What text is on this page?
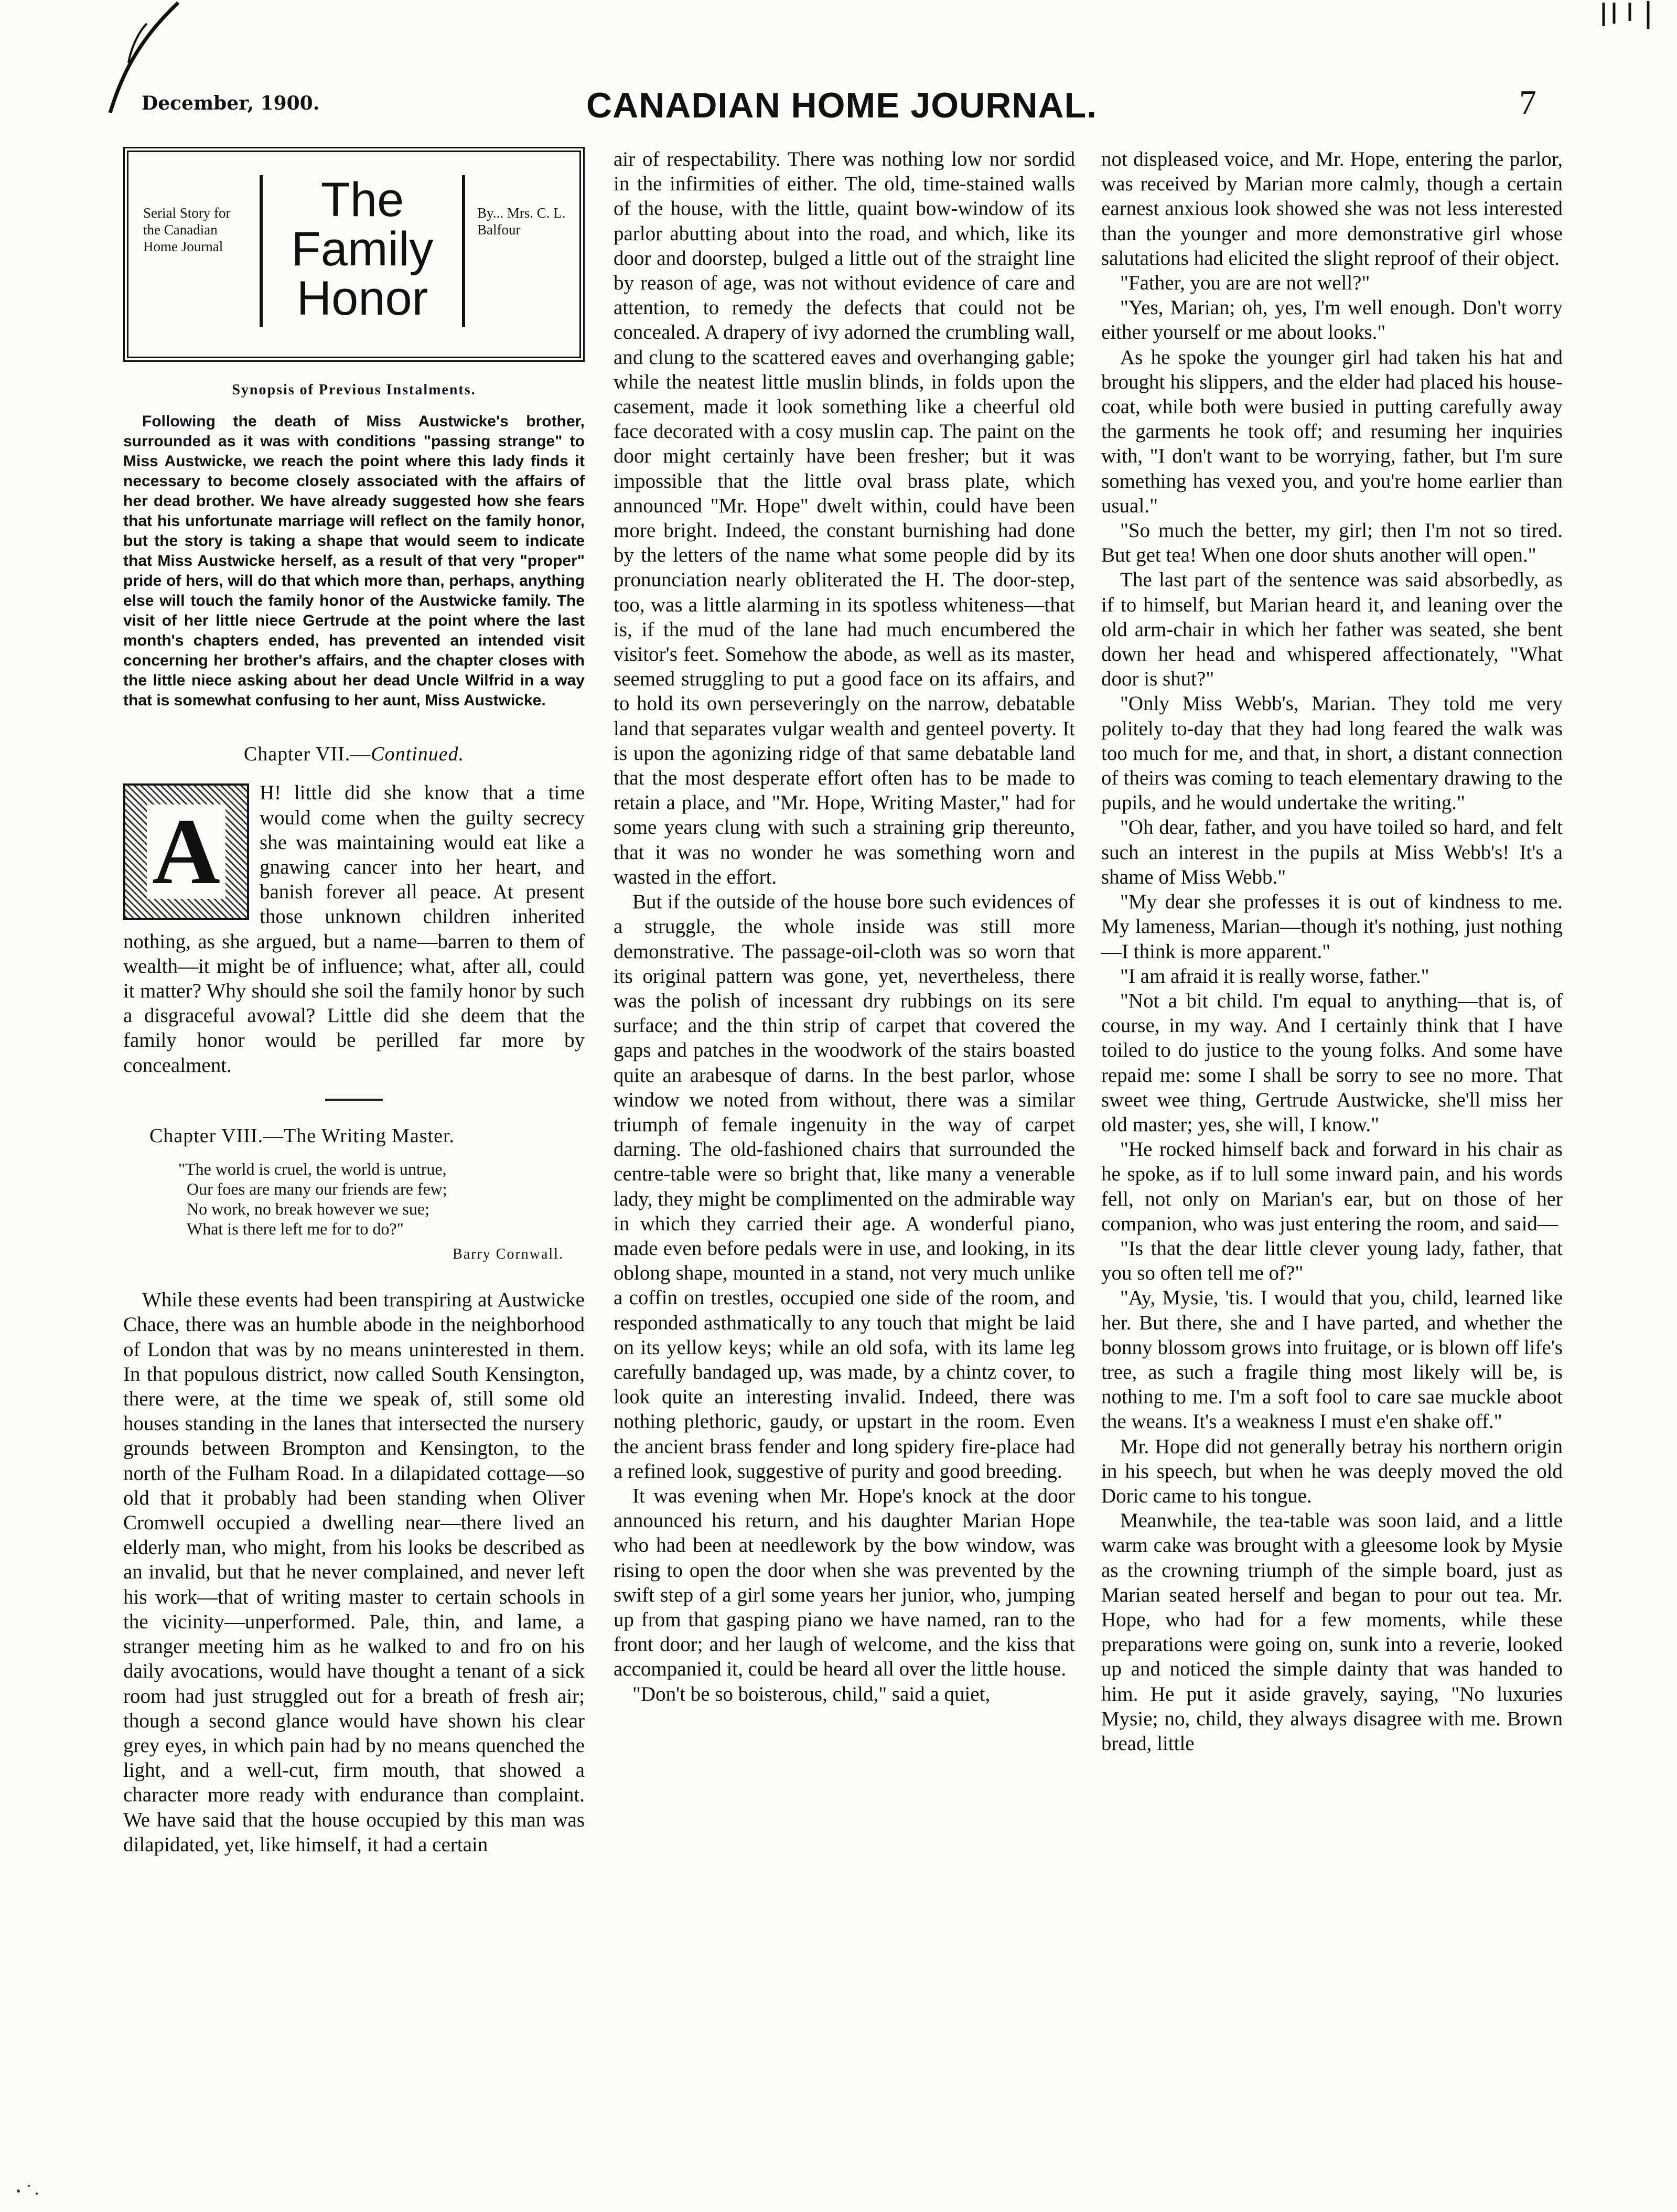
December, 1900.	CANADIAN HOME JOURNAL.	7
Serial Story for the Canadian Home Journal
The
Family
Honor
By... Mrs. C. L. Balfour
Synopsis of Previous Instalments.
Following the death of Miss Austwicke's brother, surrounded as it was with conditions "passing strange" to Miss Austwicke, we reach the point where this lady finds it necessary to become closely associated with the affairs of her dead brother. We have already suggested how she fears that his unfortunate marriage will reflect on the family honor, but the story is taking a shape that would seem to indicate that Miss Austwicke herself, as a result of that very "proper" pride of hers, will do that which more than, perhaps, anything else will touch the family honor of the Austwicke family. The visit of her little niece Gertrude at the point where the last month's chapters ended, has prevented an intended visit concerning her brother's affairs, and the chapter closes with the little niece asking about her dead Uncle Wilfrid in a way that is somewhat confusing to her aunt, Miss Austwicke.
Chapter VII.—Continued.
A

H! little did she know that a time would come when the guilty secrecy she was maintaining would eat like a gnawing cancer into her heart, and banish forever all peace. At present those unknown children inherited nothing, as she argued, but a name—barren to them of wealth—it might be of influence; what, after all, could it matter? Why should she soil the family honor by such a disgraceful avowal? Little did she deem that the family honor would be perilled far more by concealment.

Chapter VIII.—The Writing Master.
"The world is cruel, the world is untrue,
Our foes are many our friends are few;
No work, no break however we sue;
What is there left me for to do?"
Barry Cornwall.

While these events had been transpiring at Austwicke Chace, there was an humble abode in the neighborhood of London that was by no means uninterested in them. In that populous district, now called South Kensington, there were, at the time we speak of, still some old houses standing in the lanes that intersected the nursery grounds between Brompton and Kensington, to the north of the Fulham Road. In a dilapidated cottage—so old that it probably had been standing when Oliver Cromwell occupied a dwelling near—there lived an elderly man, who might, from his looks be described as an invalid, but that he never complained, and never left his work—that of writing master to certain schools in the vicinity—unperformed. Pale, thin, and lame, a stranger meeting him as he walked to and fro on his daily avocations, would have thought a tenant of a sick room had just struggled out for a breath of fresh air; though a second glance would have shown his clear grey eyes, in which pain had by no means quenched the light, and a well-cut, firm mouth, that showed a character more ready with endurance than complaint. We have said that the house occupied by this man was dilapidated, yet, like himself, it had a certain

air of respectability. There was nothing low nor sordid in the infirmities of either. The old, time-stained walls of the house, with the little, quaint bow-window of its parlor abutting about into the road, and which, like its door and doorstep, bulged a little out of the straight line by reason of age, was not without evidence of care and attention, to remedy the defects that could not be concealed. A drapery of ivy adorned the crumbling wall, and clung to the scattered eaves and overhanging gable; while the neatest little muslin blinds, in folds upon the casement, made it look something like a cheerful old face decorated with a cosy muslin cap. The paint on the door might certainly have been fresher; but it was impossible that the little oval brass plate, which announced "Mr. Hope" dwelt within, could have been more bright. Indeed, the constant burnishing had done by the letters of the name what some people did by its pronunciation nearly obliterated the H. The door-step, too, was a little alarming in its spotless whiteness—that is, if the mud of the lane had much encumbered the visitor's feet. Somehow the abode, as well as its master, seemed struggling to put a good face on its affairs, and to hold its own perseveringly on the narrow, debatable land that separates vulgar wealth and genteel poverty. It is upon the agonizing ridge of that same debatable land that the most desperate effort often has to be made to retain a place, and "Mr. Hope, Writing Master," had for some years clung with such a straining grip thereunto, that it was no wonder he was something worn and wasted in the effort.

But if the outside of the house bore such evidences of a struggle, the whole inside was still more demonstrative. The passage-oil-cloth was so worn that its original pattern was gone, yet, nevertheless, there was the polish of incessant dry rubbings on its sere surface; and the thin strip of carpet that covered the gaps and patches in the woodwork of the stairs boasted quite an arabesque of darns. In the best parlor, whose window we noted from without, there was a similar triumph of female ingenuity in the way of carpet darning. The old-fashioned chairs that surrounded the centre-table were so bright that, like many a venerable lady, they might be complimented on the admirable way in which they carried their age. A wonderful piano, made even before pedals were in use, and looking, in its oblong shape, mounted in a stand, not very much unlike a coffin on trestles, occupied one side of the room, and responded asthmatically to any touch that might be laid on its yellow keys; while an old sofa, with its lame leg carefully bandaged up, was made, by a chintz cover, to look quite an interesting invalid. Indeed, there was nothing plethoric, gaudy, or upstart in the room. Even the ancient brass fender and long spidery fire-place had a refined look, suggestive of purity and good breeding.

It was evening when Mr. Hope's knock at the door announced his return, and his daughter Marian Hope who had been at needlework by the bow window, was rising to open the door when she was prevented by the swift step of a girl some years her junior, who, jumping up from that gasping piano we have named, ran to the front door; and her laugh of welcome, and the kiss that accompanied it, could be heard all over the little house.

"Don't be so boisterous, child," said a quiet,

not displeased voice, and Mr. Hope, entering the parlor, was received by Marian more calmly, though a certain earnest anxious look showed she was not less interested than the younger and more demonstrative girl whose salutations had elicited the slight reproof of their object.

"Father, you are are not well?"

"Yes, Marian; oh, yes, I'm well enough. Don't worry either yourself or me about looks."

As he spoke the younger girl had taken his hat and brought his slippers, and the elder had placed his house-coat, while both were busied in putting carefully away the garments he took off; and resuming her inquiries with, "I don't want to be worrying, father, but I'm sure something has vexed you, and you're home earlier than usual."

"So much the better, my girl; then I'm not so tired. But get tea! When one door shuts another will open."

The last part of the sentence was said absorbedly, as if to himself, but Marian heard it, and leaning over the old arm-chair in which her father was seated, she bent down her head and whispered affectionately, "What door is shut?"

"Only Miss Webb's, Marian. They told me very politely to-day that they had long feared the walk was too much for me, and that, in short, a distant connection of theirs was coming to teach elementary drawing to the pupils, and he would undertake the writing."

"Oh dear, father, and you have toiled so hard, and felt such an interest in the pupils at Miss Webb's! It's a shame of Miss Webb."

"My dear she professes it is out of kindness to me. My lameness, Marian—though it's nothing, just nothing—I think is more apparent."

"I am afraid it is really worse, father."

"Not a bit child. I'm equal to anything—that is, of course, in my way. And I certainly think that I have toiled to do justice to the young folks. And some have repaid me: some I shall be sorry to see no more. That sweet wee thing, Gertrude Austwicke, she'll miss her old master; yes, she will, I know."

"He rocked himself back and forward in his chair as he spoke, as if to lull some inward pain, and his words fell, not only on Marian's ear, but on those of her companion, who was just entering the room, and said—

"Is that the dear little clever young lady, father, that you so often tell me of?"

"Ay, Mysie, 'tis. I would that you, child, learned like her. But there, she and I have parted, and whether the bonny blossom grows into fruitage, or is blown off life's tree, as such a fragile thing most likely will be, is nothing to me. I'm a soft fool to care sae muckle aboot the weans. It's a weakness I must e'en shake off."

Mr. Hope did not generally betray his northern origin in his speech, but when he was deeply moved the old Doric came to his tongue.

Meanwhile, the tea-table was soon laid, and a little warm cake was brought with a gleesome look by Mysie as the crowning triumph of the simple board, just as Marian seated herself and began to pour out tea. Mr. Hope, who had for a few moments, while these preparations were going on, sunk into a reverie, looked up and noticed the simple dainty that was handed to him. He put it aside gravely, saying, "No luxuries Mysie; no, child, they always disagree with me. Brown bread, little
